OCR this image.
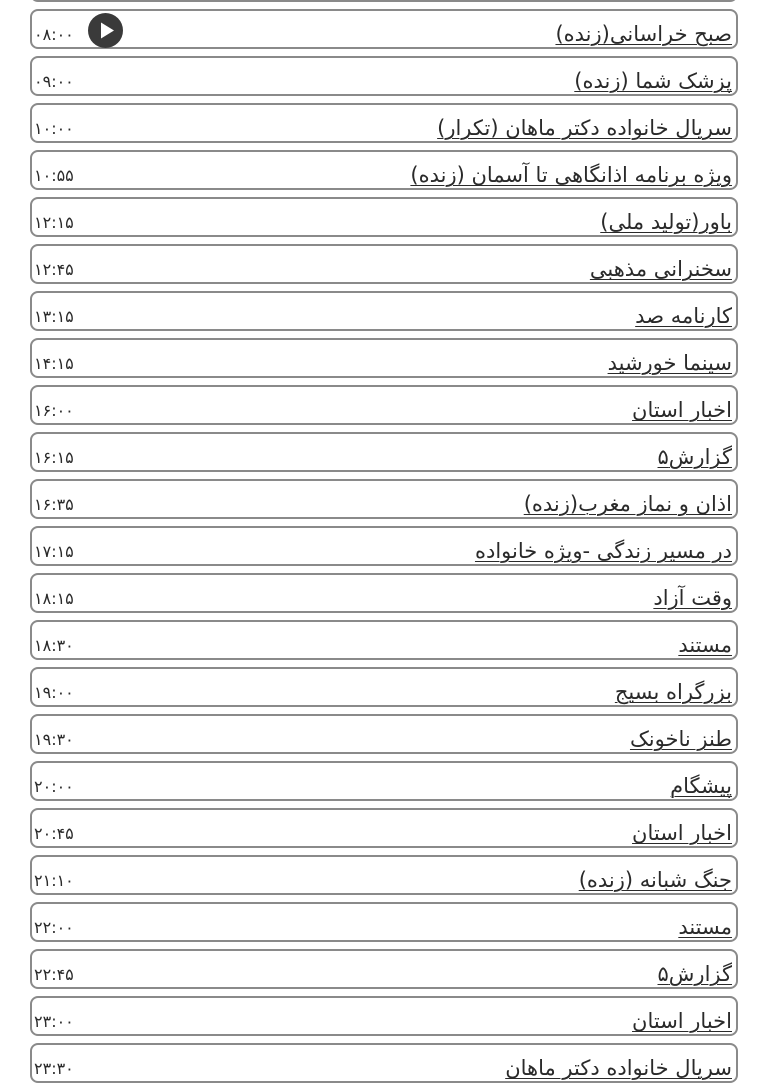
صبح خراسانی(زنده)
۰۸:۰۰
پزشک شما (زنده)
۰۹:۰۰
سریال خانواده دکتر ماهان (تکرار)
۱۰:۰۰
ویژه برنامه اذانگاهی تا آسمان (زنده)
۱۰:۵۵
باور(تولید ملی)
۱۲:۱۵
سخنرانی مذهبی
۱۲:۴۵
کارنامه صد
۱۳:۱۵
سینما خورشید
۱۴:۱۵
اخبار استان
۱۶:۰۰
گزارش۵
۱۶:۱۵
اذان و نماز مغرب(زنده)
۱۶:۳۵
در مسیر زندگی -ویژه خانواده
۱۷:۱۵
وقت آزاد
۱۸:۱۵
مستند
۱۸:۳۰
بزرگراه بسیج
۱۹:۰۰
طنز ناخونک
۱۹:۳۰
پیشگام
۲۰:۰۰
اخبار استان
۲۰:۴۵
جنگ شبانه (زنده)
۲۱:۱۰
مستند
۲۲:۰۰
گزارش۵
۲۲:۴۵
اخبار استان
۲۳:۰۰
سریال خانواده دکتر ماهان
۲۳:۳۰
